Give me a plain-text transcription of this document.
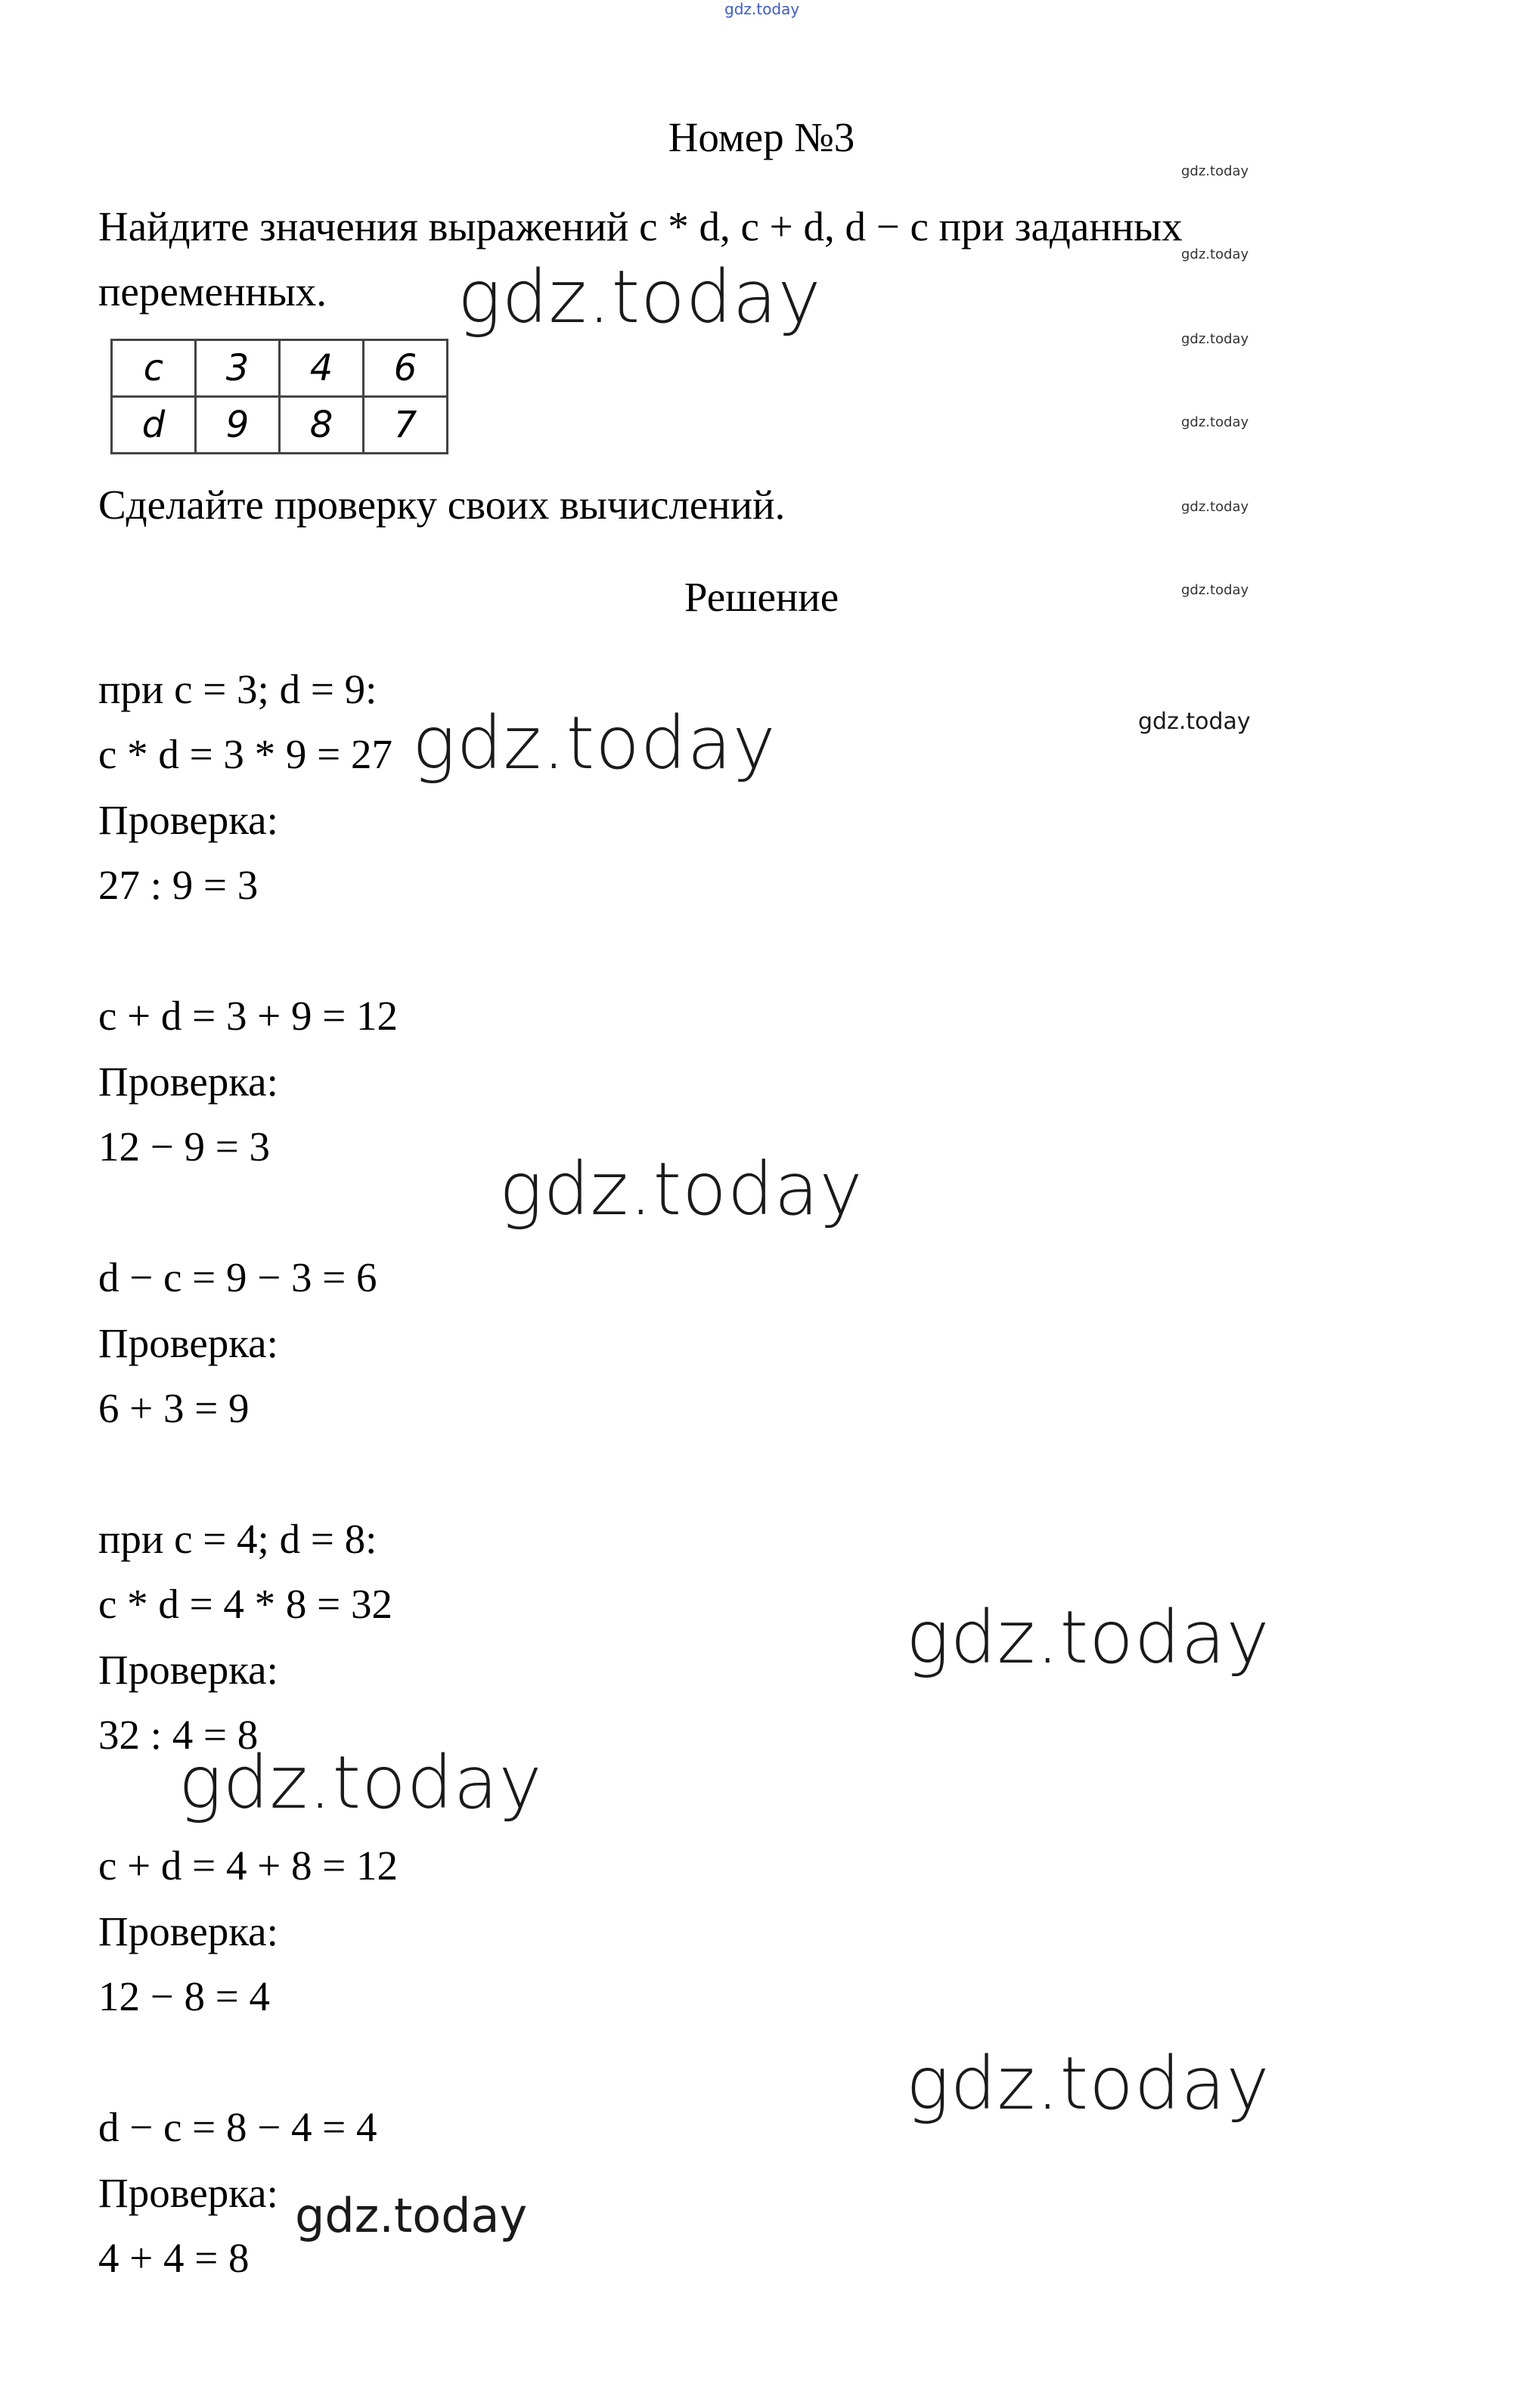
gdz.today
Номер №3
Найдите значения выражений c * d, c + d, d − c при заданных
переменных.
c	3	4	6
d	9	8	7
Сделайте проверку своих вычислений.
Решение
при c = 3; d = 9:
c * d = 3 * 9 = 27
Проверка:
27 : 9 = 3
c + d = 3 + 9 = 12
Проверка:
12 − 9 = 3
d − c = 9 − 3 = 6
Проверка:
6 + 3 = 9
при c = 4; d = 8:
c * d = 4 * 8 = 32
Проверка:
32 : 4 = 8
c + d = 4 + 8 = 12
Проверка:
12 − 8 = 4
d − c = 8 − 4 = 4
Проверка:
4 + 4 = 8
gdz.today
gdz.today
gdz.today
gdz.today
gdz.today
gdz.today
gdz.today
gdz.today
gdz.today
gdz.today
gdz.today
gdz.today
gdz.today
gdz.today
